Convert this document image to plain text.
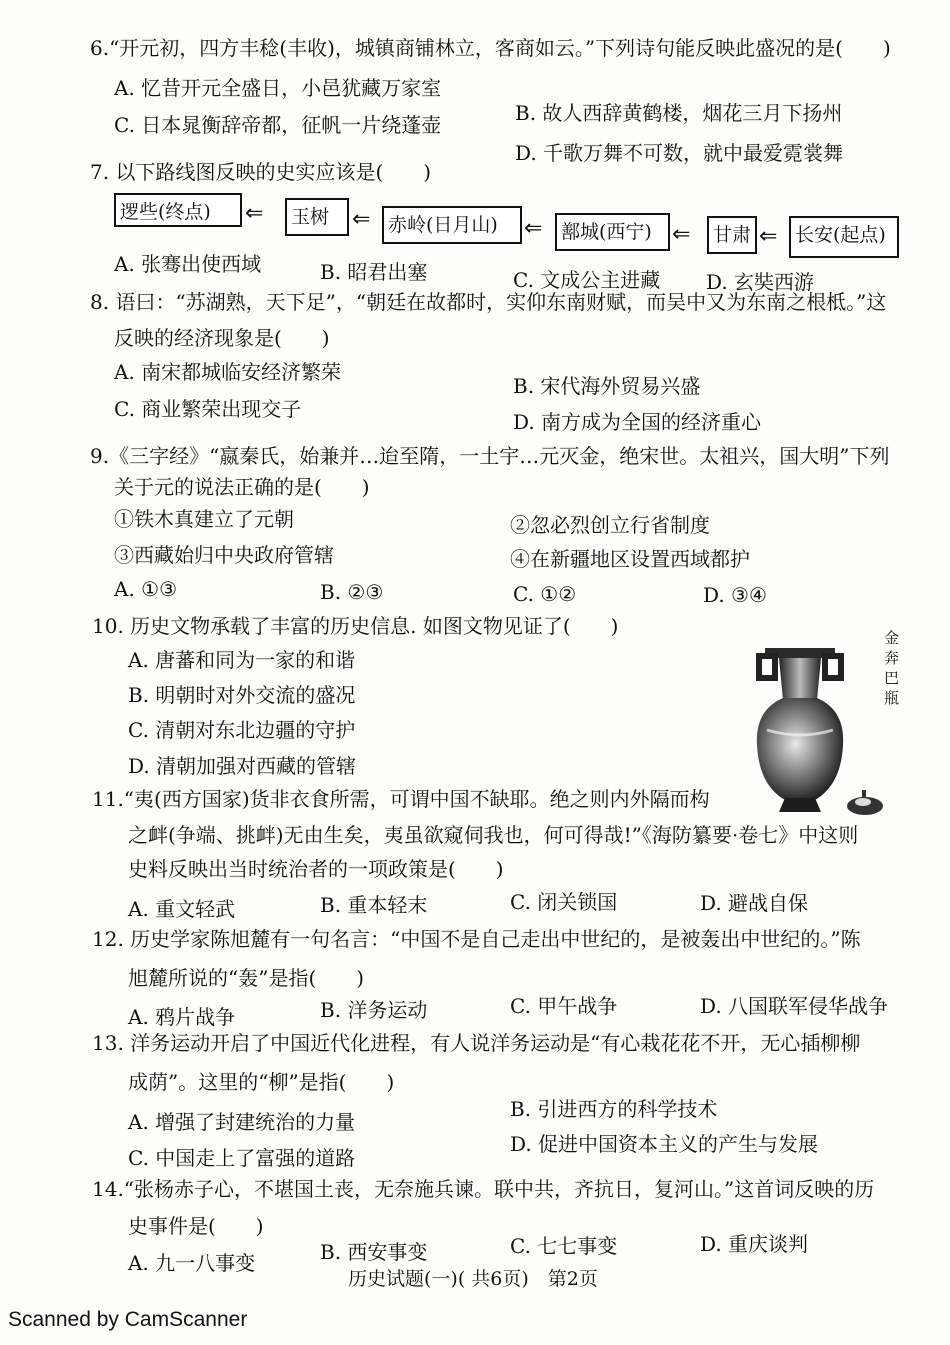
6.“开元初，四方丰稔(丰收)，城镇商铺林立，客商如云。”下列诗句能反映此盛况的是(　　)
A. 忆昔开元全盛日，小邑犹藏万家室
B. 故人西辞黄鹤楼，烟花三月下扬州
C. 日本晁衡辞帝都，征帆一片绕蓬壶
D. 千歌万舞不可数，就中最爱霓裳舞
7. 以下路线图反映的史实应该是(　　)
逻些(终点)	⇐	玉树	⇐ 赤岭(日月山)	⇐ 鄯城(西宁) ⇐	甘肃 ⇐ 长安(起点)
A. 张骞出使西域	B. 昭君出塞	C. 文成公主进藏 D. 玄奘西游
8. 语曰：“苏湖熟，天下足”，“朝廷在故都时，实仰东南财赋，而吴中又为东南之根柢。”这
反映的经济现象是(　　)
A. 南宋都城临安经济繁荣
B. 宋代海外贸易兴盛
C. 商业繁荣出现交子
D. 南方成为全国的经济重心
9.《三字经》“嬴秦氏，始兼并…迨至隋，一土宇…元灭金，绝宋世。太祖兴，国大明”下列
关于元的说法正确的是(　　)
①铁木真建立了元朝	②忽必烈创立行省制度
③西藏始归中央政府管辖	④在新疆地区设置西域都护
A. ①③	B. ②③	C. ①②	D. ③④
10. 历史文物承载了丰富的历史信息. 如图文物见证了(　　)
A. 唐蕃和同为一家的和谐
B. 明朝时对外交流的盛况
C. 清朝对东北边疆的守护
D. 清朝加强对西藏的管辖
金奔巴瓶
11.“夷(西方国家)货非衣食所需，可谓中国不缺耶。绝之则内外隔而构
之衅(争端、挑衅)无由生矣，夷虽欲窥伺我也，何可得哉!”《海防纂要·卷七》中这则
史料反映出当时统治者的一项政策是(　　)
A. 重文轻武	B. 重本轻末	C. 闭关锁国	D. 避战自保
12. 历史学家陈旭麓有一句名言：“中国不是自己走出中世纪的，是被轰出中世纪的。”陈
旭麓所说的“轰”是指(　　)
A. 鸦片战争	B. 洋务运动	C. 甲午战争	D. 八国联军侵华战争
13. 洋务运动开启了中国近代化进程，有人说洋务运动是“有心栽花花不开，无心插柳柳
成荫”。这里的“柳”是指(　　)
A. 增强了封建统治的力量
B. 引进西方的科学技术
C. 中国走上了富强的道路
D. 促进中国资本主义的产生与发展
14.“张杨赤子心，不堪国土丧，无奈施兵谏。联中共，齐抗日，复河山。”这首词反映的历
史事件是(　　)
A. 九一八事变	B. 西安事变	C. 七七事变	D. 重庆谈判
历史试题(一)( 共6页)　第2页
Scanned by CamScanner
